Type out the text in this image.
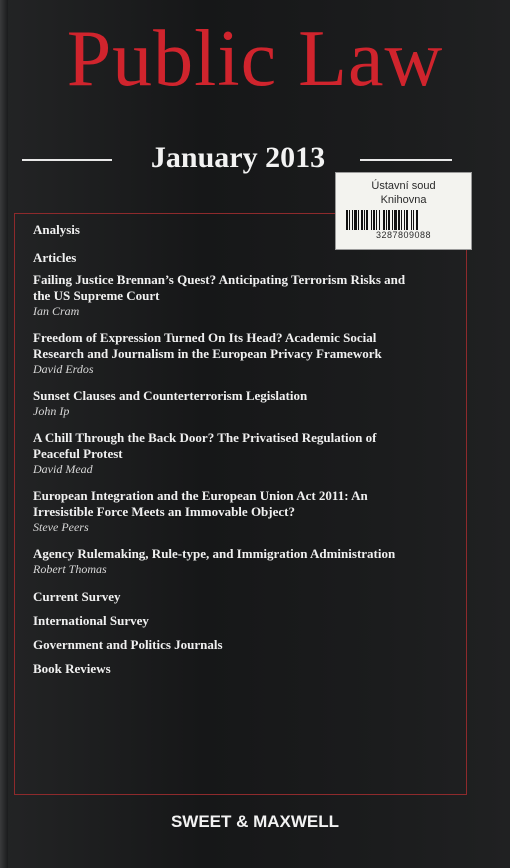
Public Law
January 2013
Analysis
Articles
Failing Justice Brennan’s Quest? Anticipating Terrorism Risks and
the US Supreme Court
Ian Cram
Freedom of Expression Turned On Its Head? Academic Social
Research and Journalism in the European Privacy Framework
David Erdos
Sunset Clauses and Counterterrorism Legislation
John Ip
A Chill Through the Back Door? The Privatised Regulation of
Peaceful Protest
David Mead
European Integration and the European Union Act 2011: An
Irresistible Force Meets an Immovable Object?
Steve Peers
Agency Rulemaking, Rule-type, and Immigration Administration
Robert Thomas
Current Survey
International Survey
Government and Politics Journals
Book Reviews
Ústavní soud
Knihovna
3287809088
SWEET & MAXWELL
